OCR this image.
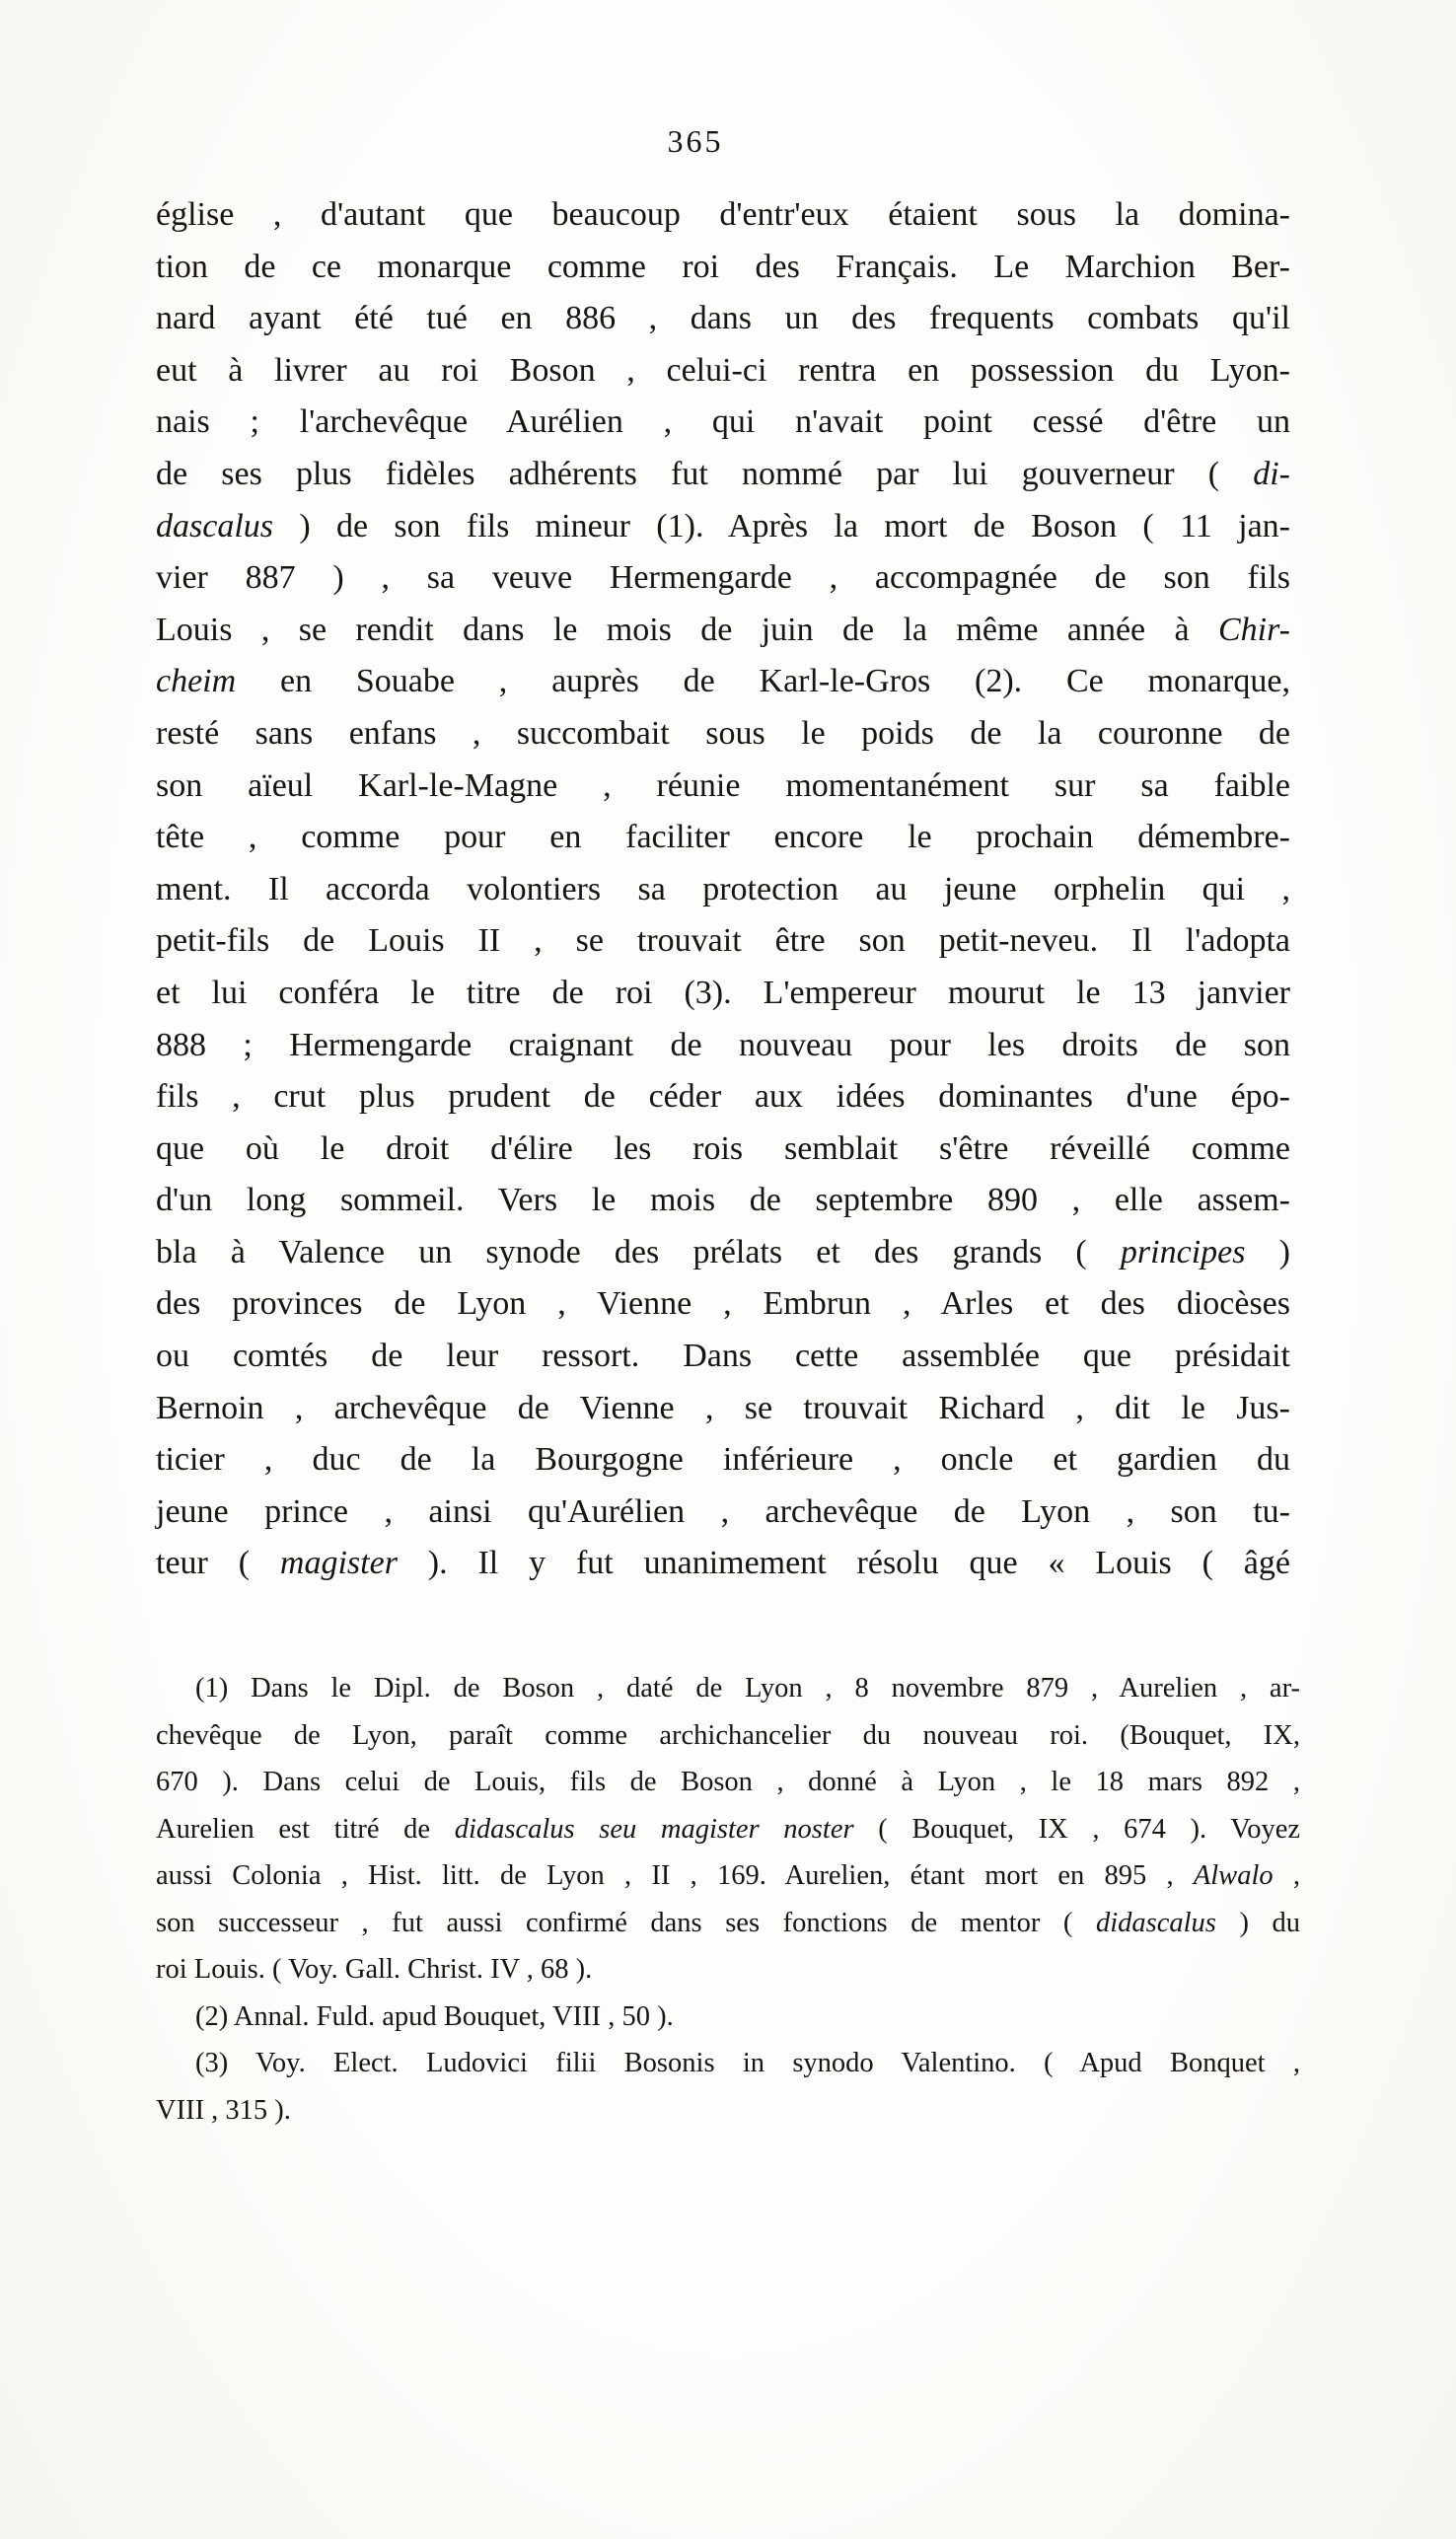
365
église , d'autant que beaucoup d'entr'eux étaient sous la domina-
tion de ce monarque comme roi des Français. Le Marchion Ber-
nard ayant été tué en 886 , dans un des frequents combats qu'il
eut à livrer au roi Boson , celui-ci rentra en possession du Lyon-
nais ; l'archevêque Aurélien , qui n'avait point cessé d'être un
de ses plus fidèles adhérents fut nommé par lui gouverneur ( di-
dascalus ) de son fils mineur (1). Après la mort de Boson ( 11 jan-
vier 887 ) , sa veuve Hermengarde , accompagnée de son fils
Louis , se rendit dans le mois de juin de la même année à Chir-
cheim en Souabe , auprès de Karl-le-Gros (2). Ce monarque,
resté sans enfans , succombait sous le poids de la couronne de
son aïeul Karl-le-Magne , réunie momentanément sur sa faible
tête , comme pour en faciliter encore le prochain démembre-
ment. Il accorda volontiers sa protection au jeune orphelin qui ,
petit-fils de Louis II , se trouvait être son petit-neveu. Il l'adopta
et lui conféra le titre de roi (3). L'empereur mourut le 13 janvier
888 ; Hermengarde craignant de nouveau pour les droits de son
fils , crut plus prudent de céder aux idées dominantes d'une épo-
que où le droit d'élire les rois semblait s'être réveillé comme
d'un long sommeil. Vers le mois de septembre 890 , elle assem-
bla à Valence un synode des prélats et des grands ( principes )
des provinces de Lyon , Vienne , Embrun , Arles et des diocèses
ou comtés de leur ressort. Dans cette assemblée que présidait
Bernoin , archevêque de Vienne , se trouvait Richard , dit le Jus-
ticier , duc de la Bourgogne inférieure , oncle et gardien du
jeune prince , ainsi qu'Aurélien , archevêque de Lyon , son tu-
teur ( magister ). Il y fut unanimement résolu que « Louis ( âgé
(1) Dans le Dipl. de Boson , daté de Lyon , 8 novembre 879 , Aurelien , ar-
chevêque de Lyon, paraît comme archichancelier du nouveau roi. (Bouquet, IX,
670 ). Dans celui de Louis, fils de Boson , donné à Lyon , le 18 mars 892 ,
Aurelien est titré de didascalus seu magister noster ( Bouquet, IX , 674 ). Voyez
aussi Colonia , Hist. litt. de Lyon , II , 169. Aurelien, étant mort en 895 , Alwalo ,
son successeur , fut aussi confirmé dans ses fonctions de mentor ( didascalus ) du
roi Louis. ( Voy. Gall. Christ. IV , 68 ).
(2) Annal. Fuld. apud Bouquet, VIII , 50 ).
(3) Voy. Elect. Ludovici filii Bosonis in synodo Valentino. ( Apud Bonquet ,
VIII , 315 ).
